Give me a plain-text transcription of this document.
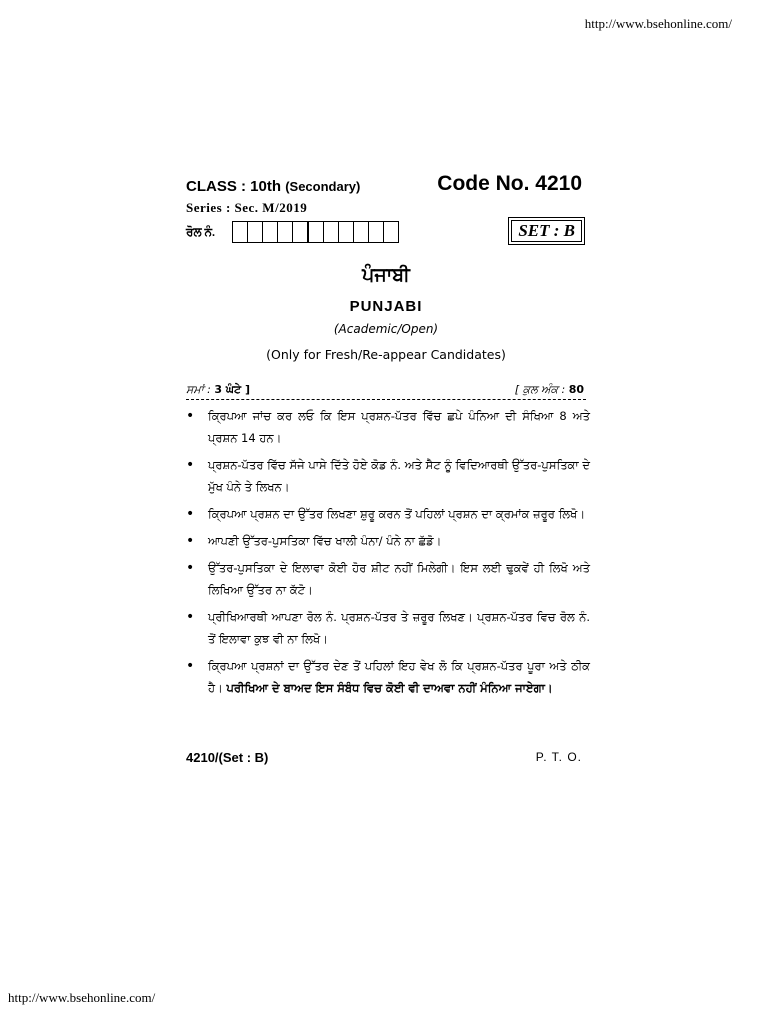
http://www.bsehonline.com/
CLASS : 10th (Secondary)	Code No. 4210
Series : Sec. M/2019
ਰੋਲ ਨੰ.	SET : B
ਪੰਜਾਬੀ
PUNJABI
(Academic/Open)
(Only for Fresh/Re-appear Candidates)
ਸਮਾਂ : 3 ਘੰਟੇ ]	[ ਕੁਲ ਅੰਕ : 80
• ਕ੍ਰਿਪਆ ਜਾਂਚ ਕਰ ਲਓ ਕਿ ਇਸ ਪ੍ਰਸ਼ਨ-ਪੱਤਰ ਵਿੱਚ ਛਪੇ ਪੰਨਿਆ ਦੀ ਸੰਖਿਆ 8 ਅਤੇ ਪ੍ਰਸ਼ਨ 14 ਹਨ।
• ਪ੍ਰਸ਼ਨ-ਪੱਤਰ ਵਿੱਚ ਸੱਜੇ ਪਾਸੇ ਦਿੱਤੇ ਹੋਏ ਕੋਡ ਨੰ. ਅਤੇ ਸੈਟ ਨੂੰ ਵਿਦਿਆਰਥੀ ਉੱਤਰ-ਪੁਸਤਿਕਾ ਦੇ ਮੁੱਖ ਪੰਨੇ ਤੇ ਲਿਖਨ।
• ਕ੍ਰਿਪਆ ਪ੍ਰਸ਼ਨ ਦਾ ਉੱਤਰ ਲਿਖਣਾ ਸ਼ੁਰੂ ਕਰਨ ਤੋਂ ਪਹਿਲਾਂ ਪ੍ਰਸ਼ਨ ਦਾ ਕ੍ਰਮਾਂਕ ਜ਼ਰੂਰ ਲਿਖੋ।
• ਆਪਣੀ ਉੱਤਰ-ਪੁਸਤਿਕਾ ਵਿੱਚ ਖਾਲੀ ਪੰਨਾ/ ਪੰਨੇ ਨਾ ਛੱਡੋ।
• ਉੱਤਰ-ਪੁਸਤਿਕਾ ਦੇ ਇਲਾਵਾ ਕੋਈ ਹੋਰ ਸ਼ੀਟ ਨਹੀਂ ਮਿਲੇਗੀ। ਇਸ ਲਈ ਢੁਕਵੇਂ ਹੀ ਲਿਖੋ ਅਤੇ ਲਿਖਿਆ ਉੱਤਰ ਨਾ ਕੱਟੋ।
• ਪ੍ਰੀਖਿਆਰਥੀ ਆਪਣਾ ਰੋਲ ਨੰ. ਪ੍ਰਸ਼ਨ-ਪੱਤਰ ਤੇ ਜ਼ਰੂਰ ਲਿਖਣ। ਪ੍ਰਸ਼ਨ-ਪੱਤਰ ਵਿਚ ਰੋਲ ਨੰ. ਤੋਂ ਇਲਾਵਾ ਕੁਝ ਵੀ ਨਾ ਲਿਖੋ।
• ਕ੍ਰਿਪਆ ਪ੍ਰਸ਼ਨਾਂ ਦਾ ਉੱਤਰ ਦੇਣ ਤੋਂ ਪਹਿਲਾਂ ਇਹ ਵੇਖ ਲੋ ਕਿ ਪ੍ਰਸ਼ਨ-ਪੱਤਰ ਪੂਰਾ ਅਤੇ ਠੀਕ ਹੈ। ਪਰੀਖਿਆ ਦੇ ਬਾਅਦ ਇਸ ਸੰਬੰਧ ਵਿਚ ਕੋਈ ਵੀ ਦਾਅਵਾ ਨਹੀਂ ਮੰਨਿਆ ਜਾਏਗਾ।
4210/(Set : B)	P. T. O.
http://www.bsehonline.com/
